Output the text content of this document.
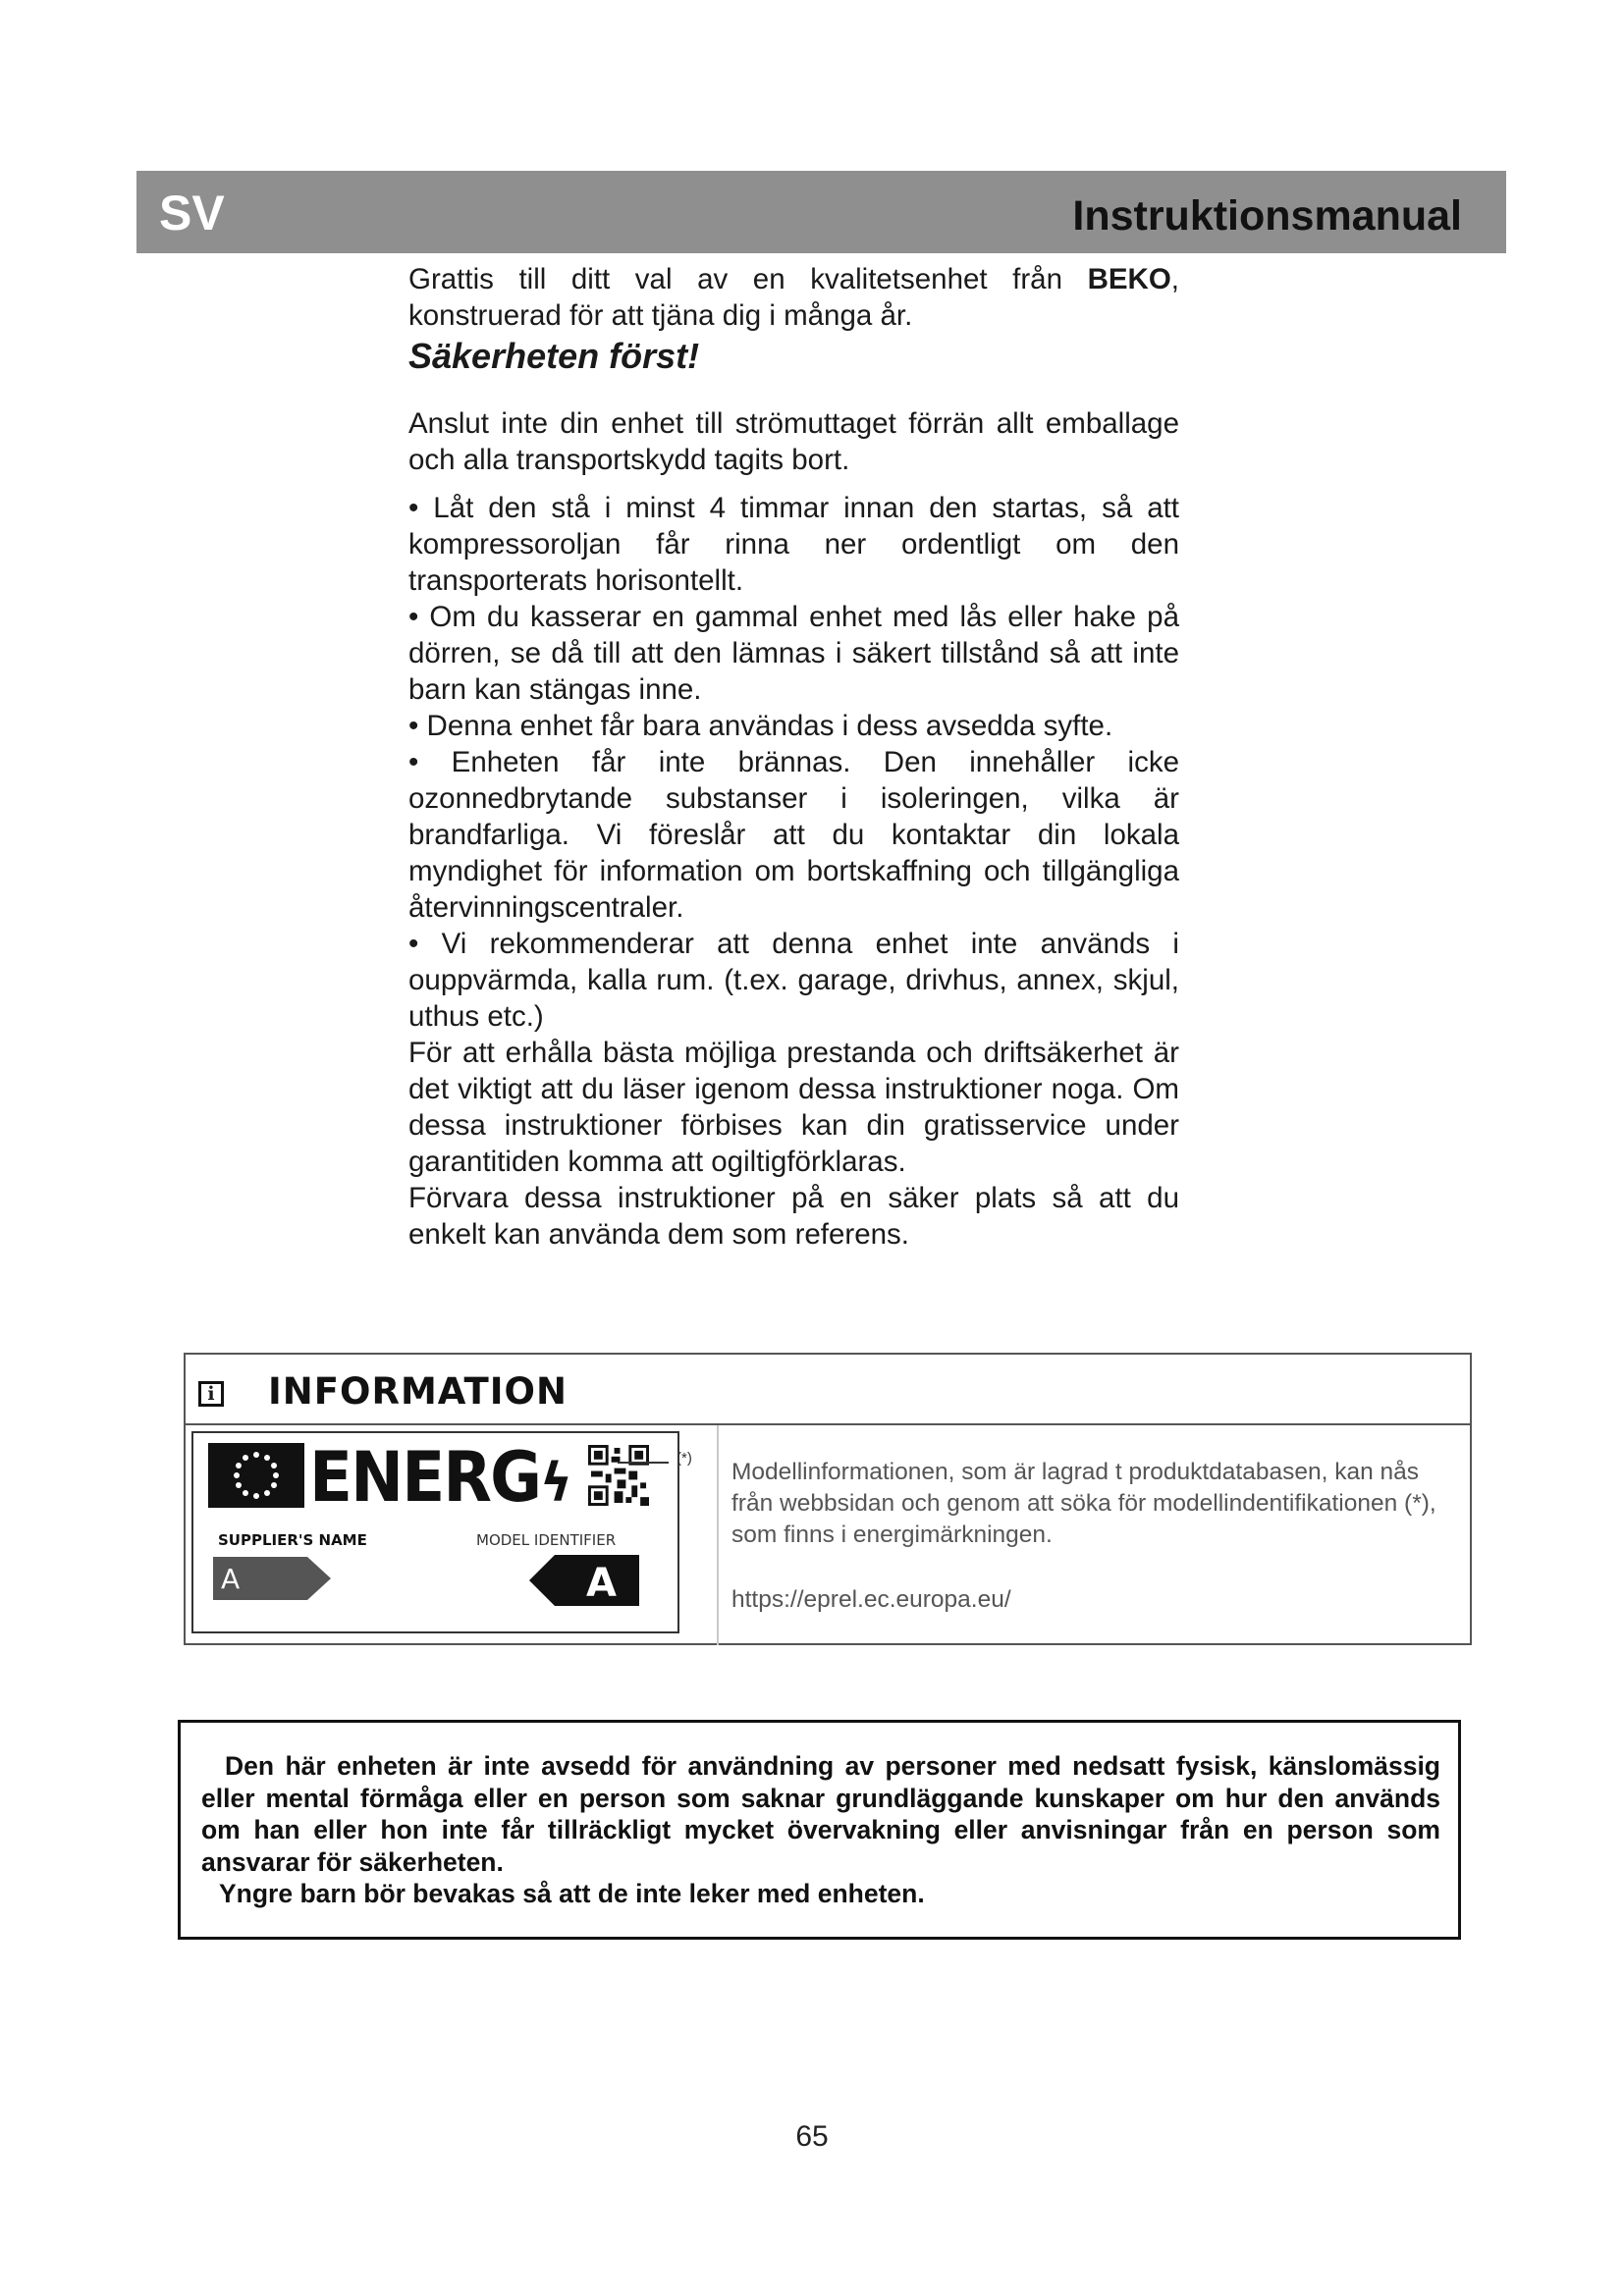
SV	Instruktionsmanual

Grattis till ditt val av en kvalitetsenhet från BEKO,

konstruerad för att tjäna dig i många år.

Säkerheten först!

Anslut inte din enhet till strömuttaget förrän allt emballage och alla transportskydd tagits bort.

• Låt den stå i minst 4 timmar innan den startas, så att kompressoroljan får rinna ner ordentligt om den transporterats horisontellt.

• Om du kasserar en gammal enhet med lås eller hake på dörren, se då till att den lämnas i säkert tillstånd så att inte barn kan stängas inne.

• Denna enhet får bara användas i dess avsedda syfte.

• Enheten får inte brännas. Den innehåller icke ozonnedbrytande substanser i isoleringen, vilka är brandfarliga. Vi föreslår att du kontaktar din lokala myndighet för information om bortskaffning och tillgängliga återvinningscentraler.

• Vi rekommenderar att denna enhet inte används i ouppvärmda, kalla rum. (t.ex. garage, drivhus, annex, skjul, uthus etc.)

För att erhålla bästa möjliga prestanda och driftsäkerhet är det viktigt att du läser igenom dessa instruktioner noga. Om dessa instruktioner förbises kan din gratisservice under garantitiden komma att ogiltigförklaras.

Förvara dessa instruktioner på en säker plats så att du enkelt kan använda dem som referens.

i INFORMATION
ENERGϟ
SUPPLIER'S NAME	MODEL IDENTIFIER
A	A
(*)

Modellinformationen, som är lagrad t produktdatabasen, kan nås från webbsidan och genom att söka för modellindentifikationen (*), som finns i energimärkningen.

https://eprel.ec.europa.eu/

Den här enheten är inte avsedd för användning av personer med nedsatt fysisk, känslomässig eller mental förmåga eller en person som saknar grundläggande kunskaper om hur den används om han eller hon inte får tillräckligt mycket övervakning eller anvisningar från en person som ansvarar för säkerheten.

Yngre barn bör bevakas så att de inte leker med enheten.

65
